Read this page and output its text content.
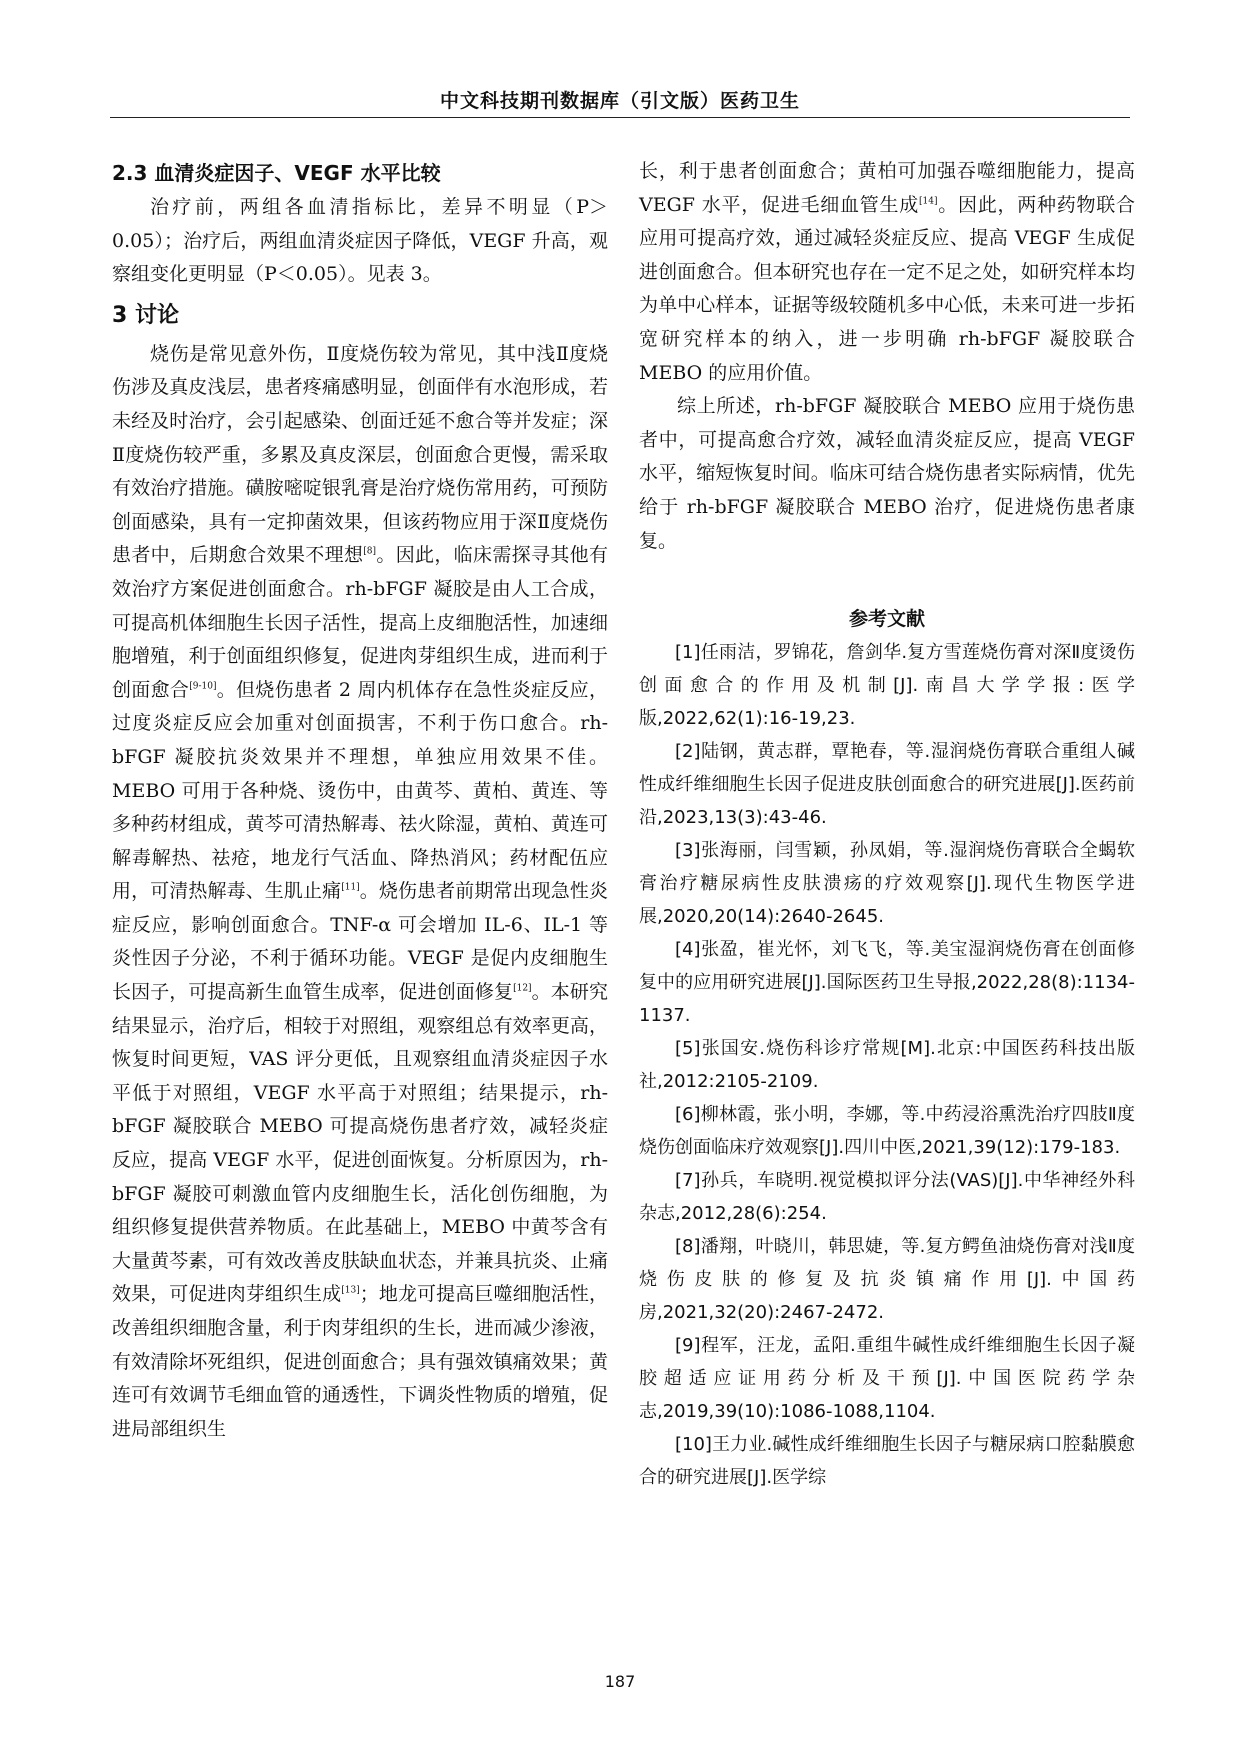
中文科技期刊数据库（引文版）医药卫生
2.3 血清炎症因子、VEGF 水平比较

治疗前，两组各血清指标比，差异不明显（P＞0.05）；治疗后，两组血清炎症因子降低，VEGF 升高，观察组变化更明显（P＜0.05）。见表 3。

3 讨论

烧伤是常见意外伤，Ⅱ度烧伤较为常见，其中浅Ⅱ度烧伤涉及真皮浅层，患者疼痛感明显，创面伴有水泡形成，若未经及时治疗，会引起感染、创面迁延不愈合等并发症；深Ⅱ度烧伤较严重，多累及真皮深层，创面愈合更慢，需采取有效治疗措施。磺胺嘧啶银乳膏是治疗烧伤常用药，可预防创面感染，具有一定抑菌效果，但该药物应用于深Ⅱ度烧伤患者中，后期愈合效果不理想[8]。因此，临床需探寻其他有效治疗方案促进创面愈合。rh-bFGF 凝胶是由人工合成，可提高机体细胞生长因子活性，提高上皮细胞活性，加速细胞增殖，利于创面组织修复，促进肉芽组织生成，进而利于创面愈合[9-10]。但烧伤患者 2 周内机体存在急性炎症反应，过度炎症反应会加重对创面损害，不利于伤口愈合。rh-bFGF 凝胶抗炎效果并不理想，单独应用效果不佳。MEBO 可用于各种烧、烫伤中，由黄芩、黄柏、黄连、等多种药材组成，黄芩可清热解毒、祛火除湿，黄柏、黄连可解毒解热、祛疮，地龙行气活血、降热消风；药材配伍应用，可清热解毒、生肌止痛[11]。烧伤患者前期常出现急性炎症反应，影响创面愈合。TNF-α 可会增加 IL-6、IL-1 等炎性因子分泌，不利于循环功能。VEGF 是促内皮细胞生长因子，可提高新生血管生成率，促进创面修复[12]。本研究结果显示，治疗后，相较于对照组，观察组总有效率更高，恢复时间更短，VAS 评分更低，且观察组血清炎症因子水平低于对照组，VEGF 水平高于对照组；结果提示，rh-bFGF 凝胶联合 MEBO 可提高烧伤患者疗效，减轻炎症反应，提高 VEGF 水平，促进创面恢复。分析原因为，rh-bFGF 凝胶可刺激血管内皮细胞生长，活化创伤细胞，为组织修复提供营养物质。在此基础上，MEBO 中黄芩含有大量黄芩素，可有效改善皮肤缺血状态，并兼具抗炎、止痛效果，可促进肉芽组织生成[13]；地龙可提高巨噬细胞活性，改善组织细胞含量，利于肉芽组织的生长，进而减少渗液，有效清除坏死组织，促进创面愈合；具有强效镇痛效果；黄连可有效调节毛细血管的通透性，下调炎性物质的增殖，促进局部组织生

长，利于患者创面愈合；黄柏可加强吞噬细胞能力，提高 VEGF 水平，促进毛细血管生成[14]。因此，两种药物联合应用可提高疗效，通过减轻炎症反应、提高 VEGF 生成促进创面愈合。但本研究也存在一定不足之处，如研究样本均为单中心样本，证据等级较随机多中心低，未来可进一步拓宽研究样本的纳入，进一步明确 rh-bFGF 凝胶联合 MEBO 的应用价值。

综上所述，rh-bFGF 凝胶联合 MEBO 应用于烧伤患者中，可提高愈合疗效，减轻血清炎症反应，提高 VEGF 水平，缩短恢复时间。临床可结合烧伤患者实际病情，优先给于 rh-bFGF 凝胶联合 MEBO 治疗，促进烧伤患者康复。

参考文献

[1]任雨洁，罗锦花，詹剑华.复方雪莲烧伤膏对深Ⅱ度烫伤创面愈合的作用及机制[J].南昌大学学报:医学版,2022,62(1):16-19,23.

[2]陆钢，黄志群，覃艳春，等.湿润烧伤膏联合重组人碱性成纤维细胞生长因子促进皮肤创面愈合的研究进展[J].医药前沿,2023,13(3):43-46.

[3]张海丽，闫雪颖，孙凤娟，等.湿润烧伤膏联合全蝎软膏治疗糖尿病性皮肤溃疡的疗效观察[J].现代生物医学进展,2020,20(14):2640-2645.

[4]张盈，崔光怀，刘飞飞，等.美宝湿润烧伤膏在创面修复中的应用研究进展[J].国际医药卫生导报,2022,28(8):1134-1137.

[5]张国安.烧伤科诊疗常规[M].北京:中国医药科技出版社,2012:2105-2109.

[6]柳林霞，张小明，李娜，等.中药浸浴熏洗治疗四肢Ⅱ度烧伤创面临床疗效观察[J].四川中医,2021,39(12):179-183.

[7]孙兵，车晓明.视觉模拟评分法(VAS)[J].中华神经外科杂志,2012,28(6):254.

[8]潘翔，叶晓川，韩思婕，等.复方鳄鱼油烧伤膏对浅Ⅱ度烧伤皮肤的修复及抗炎镇痛作用[J].中国药房,2021,32(20):2467-2472.

[9]程军，汪龙，孟阳.重组牛碱性成纤维细胞生长因子凝胶超适应证用药分析及干预[J].中国医院药学杂志,2019,39(10):1086-1088,1104.

[10]王力业.碱性成纤维细胞生长因子与糖尿病口腔黏膜愈合的研究进展[J].医学综

187
